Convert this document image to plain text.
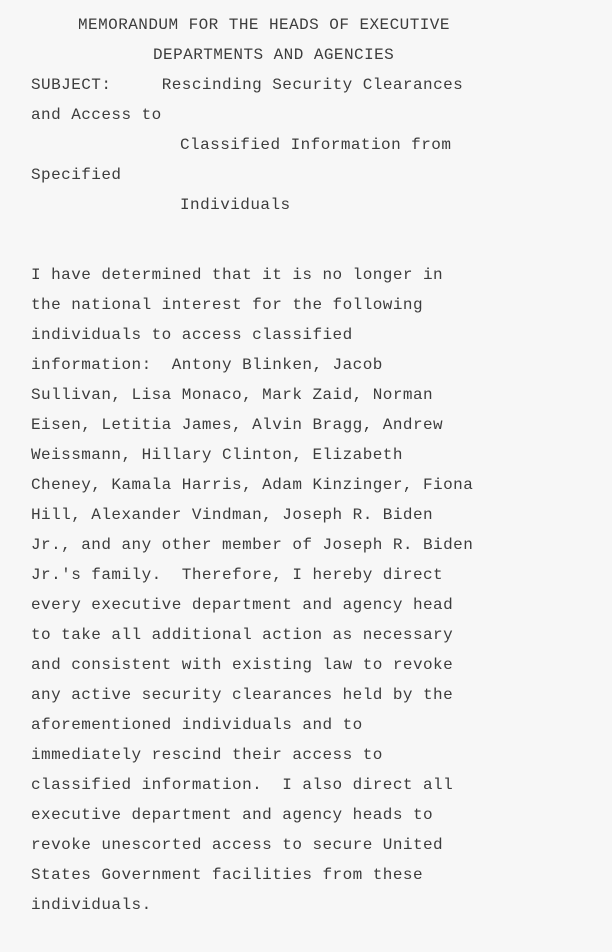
MEMORANDUM FOR THE HEADS OF EXECUTIVE
DEPARTMENTS AND AGENCIES
SUBJECT:	Rescinding Security Clearances
and Access to
Classified Information from
Specified
Individuals
I have determined that it is no longer in
the national interest for the following
individuals to access classified
information:  Antony Blinken, Jacob
Sullivan, Lisa Monaco, Mark Zaid, Norman
Eisen, Letitia James, Alvin Bragg, Andrew
Weissmann, Hillary Clinton, Elizabeth
Cheney, Kamala Harris, Adam Kinzinger, Fiona
Hill, Alexander Vindman, Joseph R. Biden
Jr., and any other member of Joseph R. Biden
Jr.'s family.  Therefore, I hereby direct
every executive department and agency head
to take all additional action as necessary
and consistent with existing law to revoke
any active security clearances held by the
aforementioned individuals and to
immediately rescind their access to
classified information.  I also direct all
executive department and agency heads to
revoke unescorted access to secure United
States Government facilities from these
individuals.
